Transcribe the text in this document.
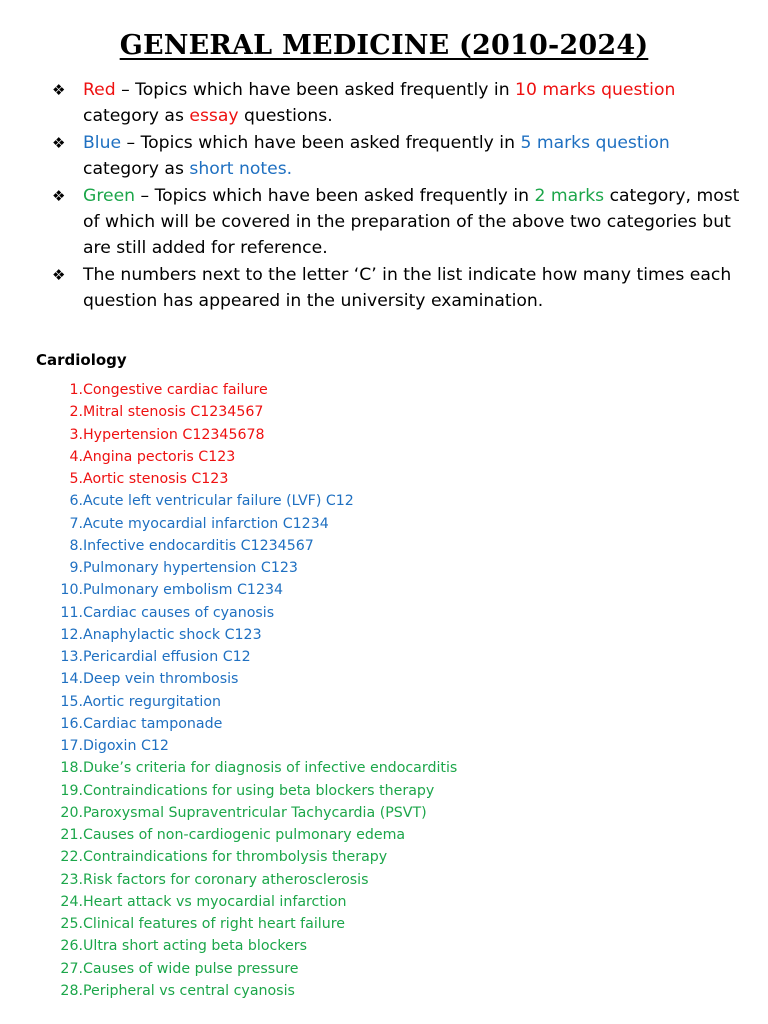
GENERAL MEDICINE (2010-2024)
❖ Red – Topics which have been asked frequently in 10 marks question category as essay questions.
❖ Blue – Topics which have been asked frequently in 5 marks question category as short notes.
❖ Green – Topics which have been asked frequently in 2 marks category, most of which will be covered in the preparation of the above two categories but are still added for reference.
❖ The numbers next to the letter ‘C’ in the list indicate how many times each question has appeared in the university examination.
Cardiology
1. Congestive cardiac failure
2. Mitral stenosis C1234567
3. Hypertension C12345678
4. Angina pectoris C123
5. Aortic stenosis C123
6. Acute left ventricular failure (LVF) C12
7. Acute myocardial infarction C1234
8. Infective endocarditis C1234567
9. Pulmonary hypertension C123
10. Pulmonary embolism C1234
11. Cardiac causes of cyanosis
12. Anaphylactic shock C123
13. Pericardial effusion C12
14. Deep vein thrombosis
15. Aortic regurgitation
16. Cardiac tamponade
17. Digoxin C12
18. Duke’s criteria for diagnosis of infective endocarditis
19. Contraindications for using beta blockers therapy
20. Paroxysmal Supraventricular Tachycardia (PSVT)
21. Causes of non-cardiogenic pulmonary edema
22. Contraindications for thrombolysis therapy
23. Risk factors for coronary atherosclerosis
24. Heart attack vs myocardial infarction
25. Clinical features of right heart failure
26. Ultra short acting beta blockers
27. Causes of wide pulse pressure
28. Peripheral vs central cyanosis
